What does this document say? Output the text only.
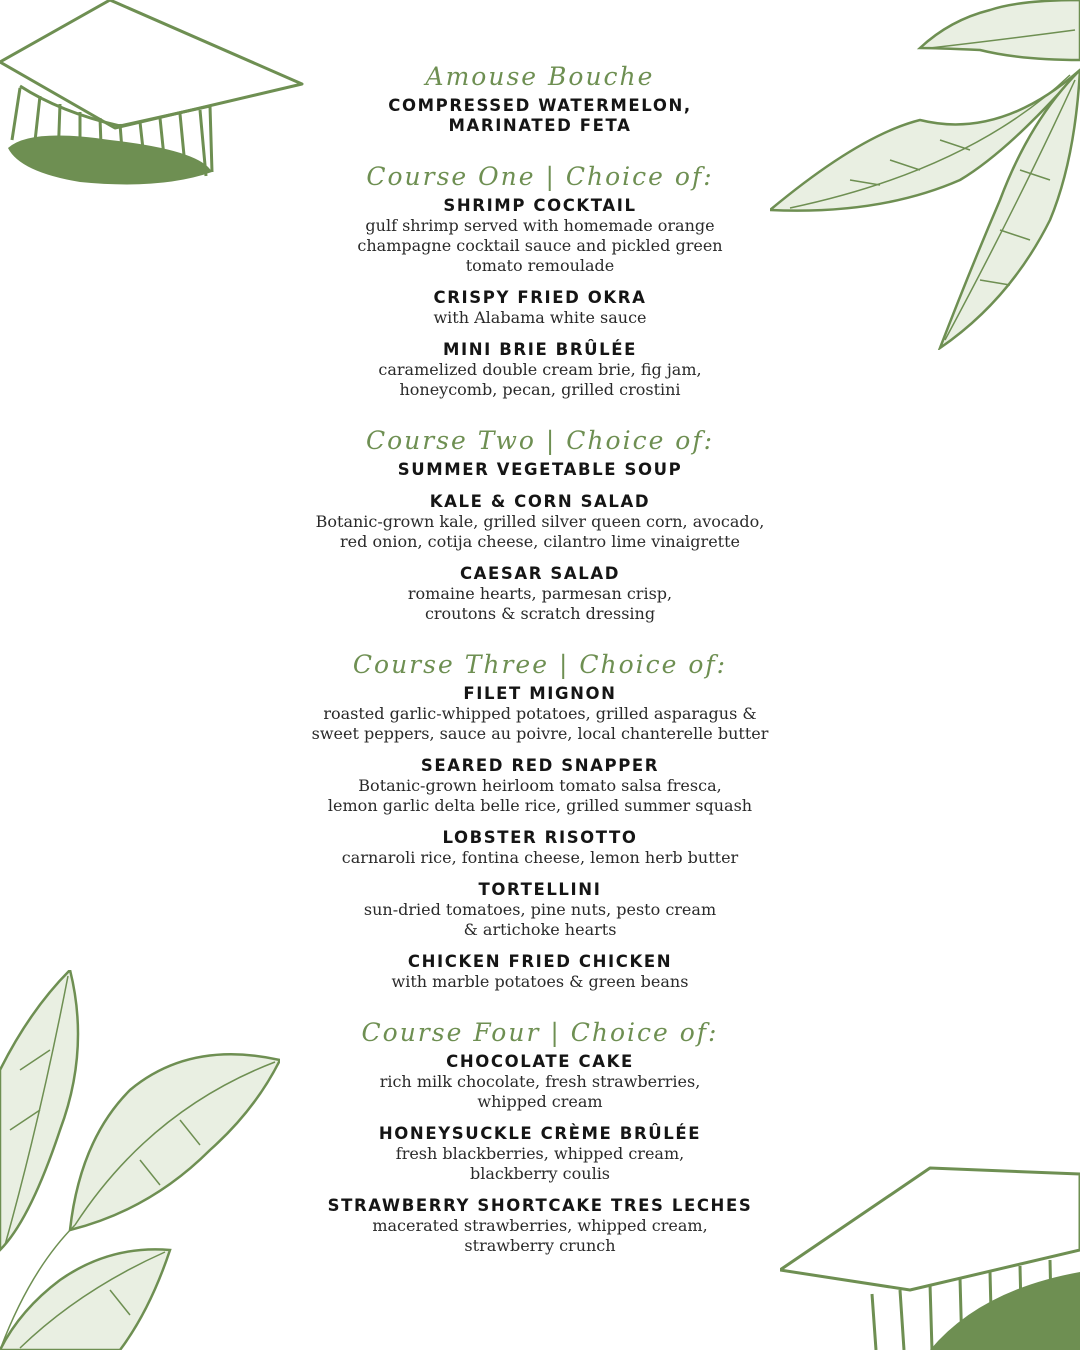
Amouse Bouche
COMPRESSED WATERMELON,
MARINATED FETA
Course One | Choice of:
SHRIMP COCKTAIL
gulf shrimp served with homemade orange
champagne cocktail sauce and pickled green
tomato remoulade
CRISPY FRIED OKRA
with Alabama white sauce
MINI BRIE BRÛLÉE
caramelized double cream brie, fig jam,
honeycomb, pecan, grilled crostini
Course Two | Choice of:
SUMMER VEGETABLE SOUP
KALE & CORN SALAD
Botanic-grown kale, grilled silver queen corn, avocado,
red onion, cotija cheese, cilantro lime vinaigrette
CAESAR SALAD
romaine hearts, parmesan crisp,
croutons & scratch dressing
Course Three | Choice of:
FILET MIGNON
roasted garlic-whipped potatoes, grilled asparagus &
sweet peppers, sauce au poivre, local chanterelle butter
SEARED RED SNAPPER
Botanic-grown heirloom tomato salsa fresca,
lemon garlic delta belle rice, grilled summer squash
LOBSTER RISOTTO
carnaroli rice, fontina cheese, lemon herb butter
TORTELLINI
sun-dried tomatoes, pine nuts, pesto cream
& artichoke hearts
CHICKEN FRIED CHICKEN
with marble potatoes & green beans
Course Four | Choice of:
CHOCOLATE CAKE
rich milk chocolate, fresh strawberries,
whipped cream
HONEYSUCKLE CRÈME BRÛLÉE
fresh blackberries, whipped cream,
blackberry coulis
STRAWBERRY SHORTCAKE TRES LECHES
macerated strawberries, whipped cream,
strawberry crunch
